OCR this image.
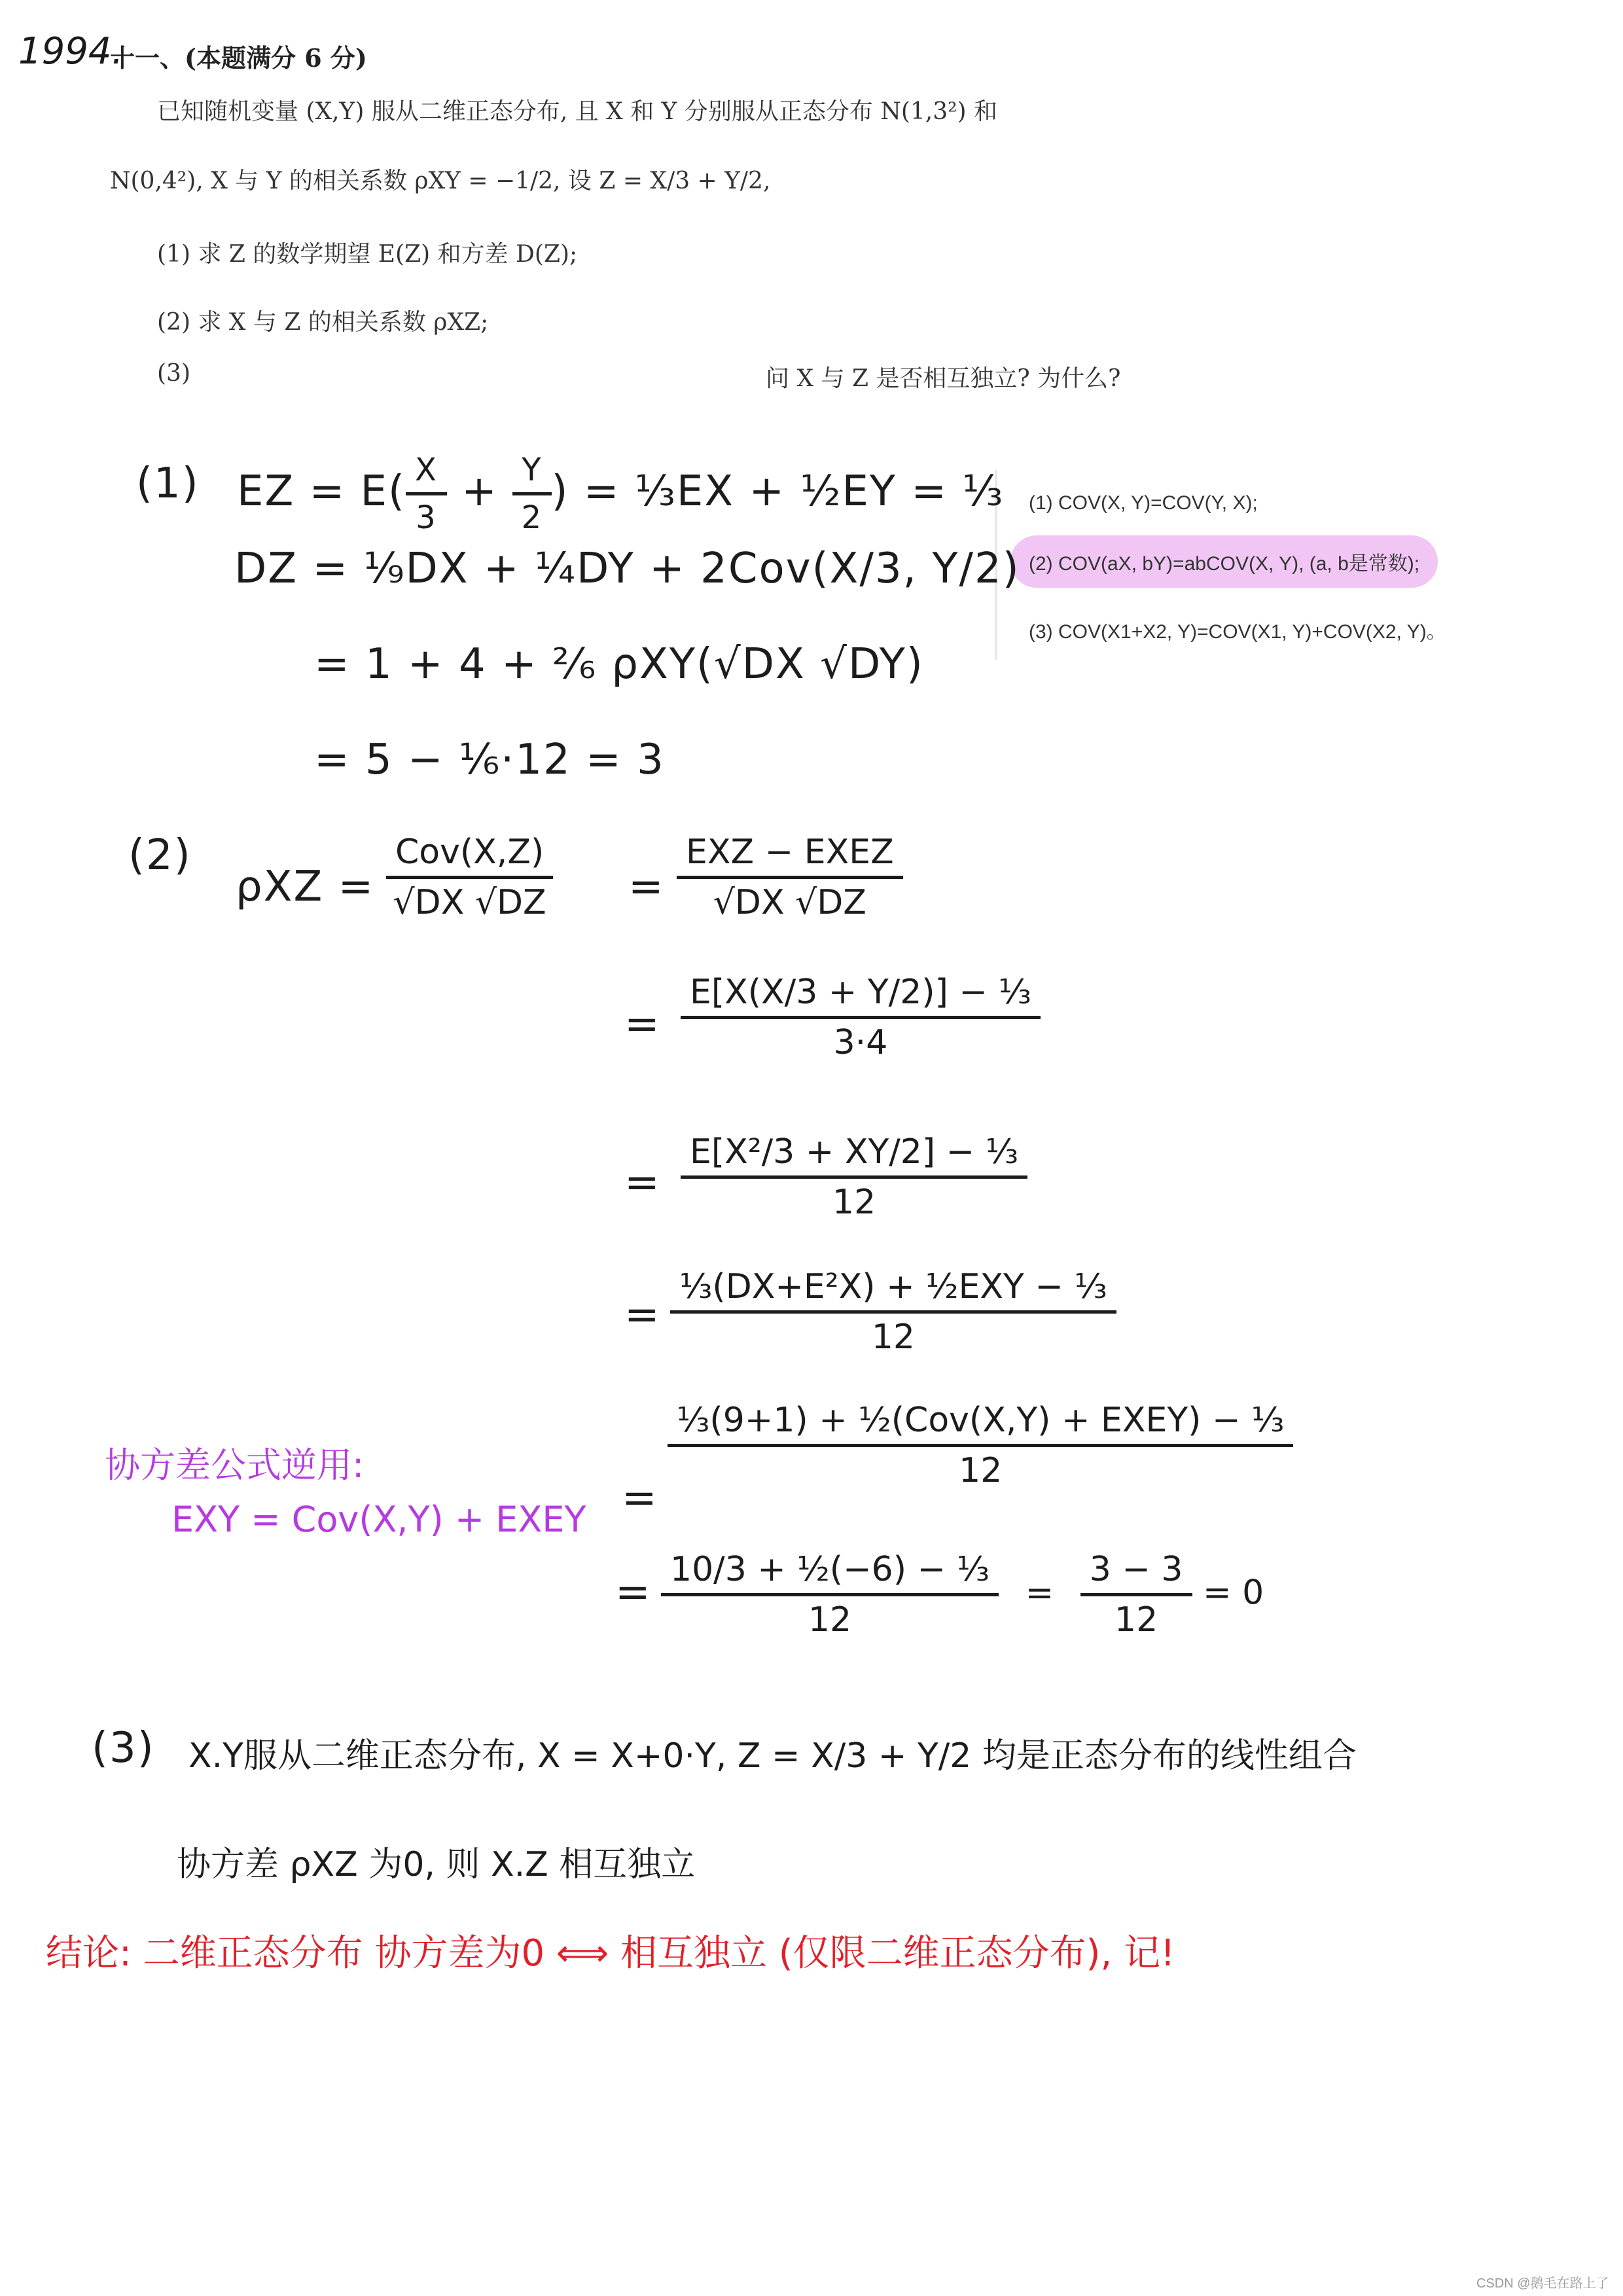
1994.
十一、(本题满分 6 分)
已知随机变量 (X,Y) 服从二维正态分布, 且 X 和 Y 分别服从正态分布 N(1,3²) 和
N(0,4²), X 与 Y 的相关系数 ρXY = −1/2, 设 Z = X/3 + Y/2,
(1) 求 Z 的数学期望 E(Z) 和方差 D(Z);
(2) 求 X 与 Z 的相关系数 ρXZ;
(3)	问 X 与 Z 是否相互独立? 为什么?
(1) COV(X, Y)=COV(Y, X);
(2) COV(aX, bY)=abCOV(X, Y), (a, b是常数);
(3) COV(X1+X2, Y)=COV(X1, Y)+COV(X2, Y)。
(1) EZ = E( X
3
+ Y
2
) = ⅓EX + ½EY = ⅓
DZ = ⅑DX + ¼DY + 2Cov(X/3, Y/2)
= 1 + 4 + ²⁄₆ ρXY(√DX √DY)
= 5 − ⅙·12 = 3
(2)
ρXZ =
Cov(X,Z)
√DX √DZ =
EXZ − EXEZ
√DX √DZ
=
E[X(X/3 + Y/2)] − ⅓
3·4
=
E[X²/3 + XY/2] − ⅓
12
=
⅓(DX+E²X) + ½EXY − ⅓
12
=
⅓(9+1) + ½(Cov(X,Y) + EXEY) − ⅓
12
= 10/3 + ½(−6) − ⅓
12
=
3 − 3
12
= 0
协方差公式逆用:
EXY = Cov(X,Y) + EXEY
(3) X.Y服从二维正态分布, X = X+0·Y, Z = X/3 + Y/2 均是正态分布的线性组合
协方差 ρXZ 为0, 则 X.Z 相互独立
结论: 二维正态分布 协方差为0 ⟺ 相互独立 (仅限二维正态分布), 记!
CSDN @鹅毛在路上了
